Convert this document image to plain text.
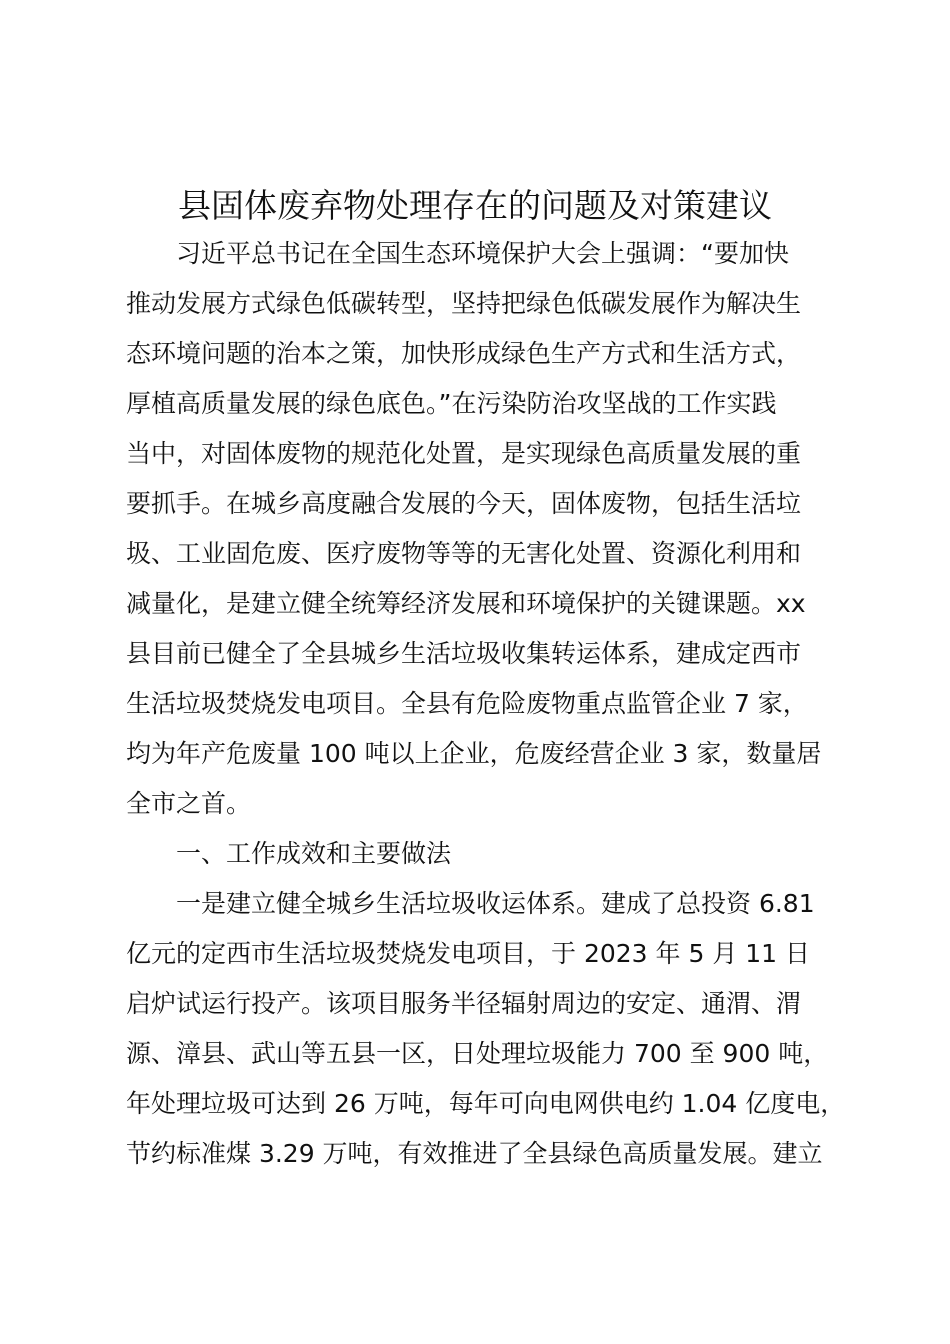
县固体废弃物处理存在的问题及对策建议

习近平总书记在全国生态环境保护大会上强调：“要加快

推动发展方式绿色低碳转型，坚持把绿色低碳发展作为解决生

态环境问题的治本之策，加快形成绿色生产方式和生活方式，

厚植高质量发展的绿色底色。”在污染防治攻坚战的工作实践

当中，对固体废物的规范化处置，是实现绿色高质量发展的重

要抓手。在城乡高度融合发展的今天，固体废物，包括生活垃

圾、工业固危废、医疗废物等等的无害化处置、资源化利用和

减量化，是建立健全统筹经济发展和环境保护的关键课题。xx

县目前已健全了全县城乡生活垃圾收集转运体系，建成定西市

生活垃圾焚烧发电项目。全县有危险废物重点监管企业 7 家，

均为年产危废量 100 吨以上企业，危废经营企业 3 家，数量居

全市之首。

一、工作成效和主要做法

一是建立健全城乡生活垃圾收运体系。建成了总投资 6.81

亿元的定西市生活垃圾焚烧发电项目，于 2023 年 5 月 11 日

启炉试运行投产。该项目服务半径辐射周边的安定、通渭、渭

源、漳县、武山等五县一区，日处理垃圾能力 700 至 900 吨，

年处理垃圾可达到 26 万吨，每年可向电网供电约 1.04 亿度电，

节约标准煤 3.29 万吨，有效推进了全县绿色高质量发展。建立
